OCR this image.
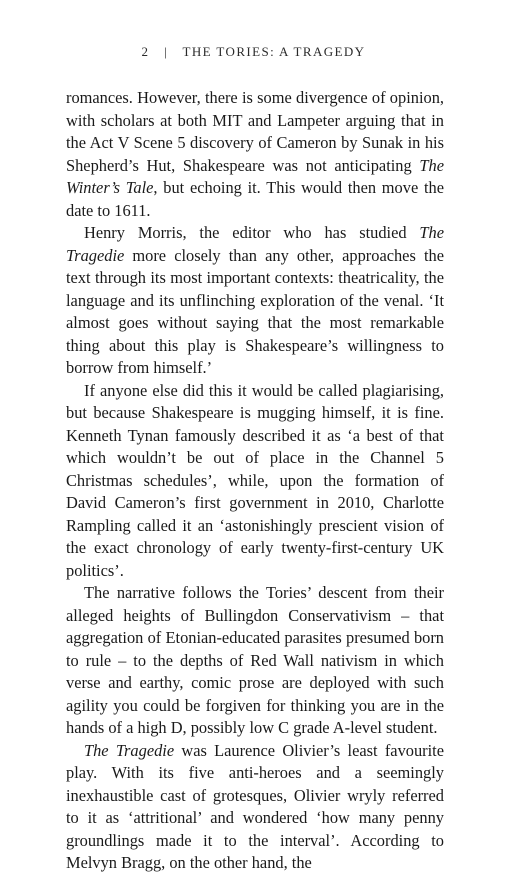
2 | THE TORIES: A TRAGEDY

romances. However, there is some divergence of opinion, with scholars at both MIT and Lampeter arguing that in the Act V Scene 5 discovery of Cameron by Sunak in his Shepherd’s Hut, Shakespeare was not anticipating The Winter’s Tale, but echoing it. This would then move the date to 1611.

Henry Morris, the editor who has studied The Tragedie more closely than any other, approaches the text through its most important contexts: theatricality, the language and its unflinching exploration of the venal. ‘It almost goes without saying that the most remarkable thing about this play is Shakespeare’s willingness to borrow from himself.’

If anyone else did this it would be called plagiarising, but because Shakespeare is mugging himself, it is fine. Kenneth Tynan famously described it as ‘a best of that which wouldn’t be out of place in the Channel 5 Christmas schedules’, while, upon the formation of David Cameron’s first government in 2010, Charlotte Rampling called it an ‘astonishingly prescient vision of the exact chronology of early twenty-first-century UK politics’.

The narrative follows the Tories’ descent from their alleged heights of Bullingdon Conservativism – that aggregation of Etonian-educated parasites presumed born to rule – to the depths of Red Wall nativism in which verse and earthy, comic prose are deployed with such agility you could be forgiven for thinking you are in the hands of a high D, possibly low C grade A-level student.

The Tragedie was Laurence Olivier’s least favourite play. With its five anti-heroes and a seemingly inexhaustible cast of grotesques, Olivier wryly referred to it as ‘attritional’ and wondered ‘how many penny groundlings made it to the interval’. According to Melvyn Bragg, on the other hand, the
